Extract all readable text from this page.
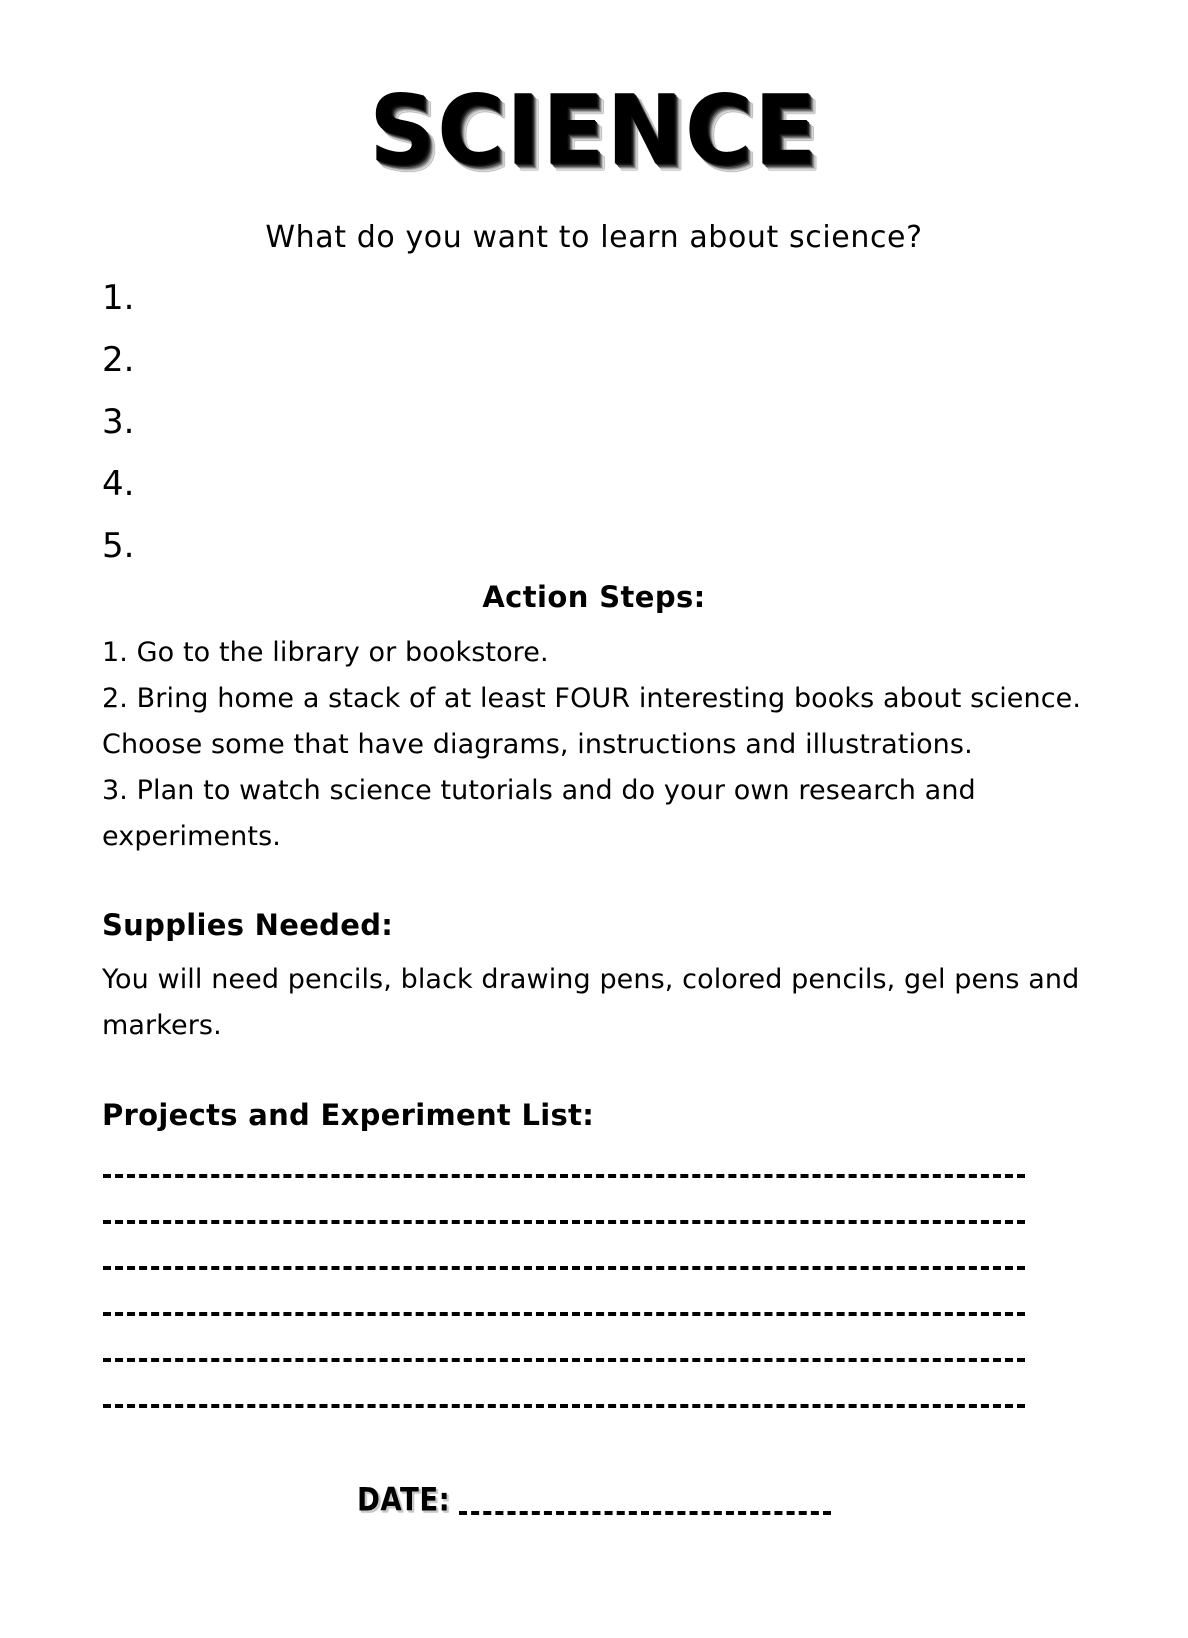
SCIENCE
What do you want to learn about science?
1.
2.
3.
4.
5.
Action Steps:
1. Go to the library or bookstore.
2. Bring home a stack of at least FOUR interesting books about science.
Choose some that have diagrams, instructions and illustrations.
3. Plan to watch science tutorials and do your own research and
experiments.
Supplies Needed:
You will need pencils, black drawing pens, colored pencils, gel pens and
markers.
Projects and Experiment List:
DATE:
